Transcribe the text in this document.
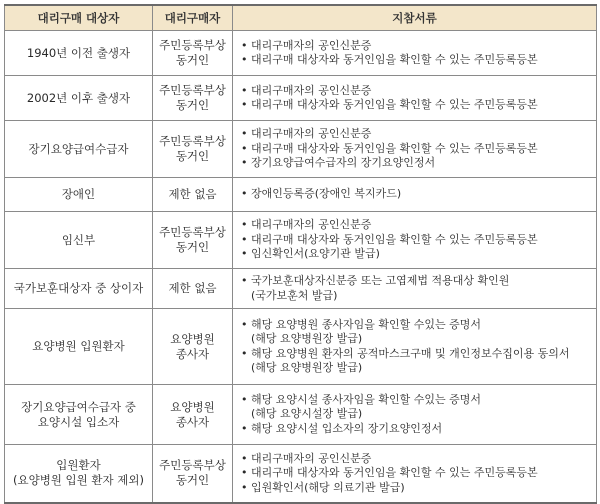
대리구매 대상자	대리구매자	지참서류

1940년 이전 출생자	주민등록부상
동거인	• 대리구매자의 공인신분증
• 대리구매 대상자와 동거인임을 확인할 수 있는 주민등록등본

2002년 이후 출생자	주민등록부상
동거인	• 대리구매자의 공인신분증
• 대리구매 대상자와 동거인임을 확인할 수 있는 주민등록등본

장기요양급여수급자	주민등록부상
동거인	• 대리구매자의 공인신분증
• 대리구매 대상자와 동거인임을 확인할 수 있는 주민등록등본
• 장기요양급여수급자의 장기요양인정서

장애인	제한 없음	• 장애인등록증(장애인 복지카드)

임신부	주민등록부상
동거인	• 대리구매자의 공인신분증
• 대리구매 대상자와 동거인임을 확인할 수 있는 주민등록등본
• 임신확인서(요양기관 발급)

국가보훈대상자 중 상이자	제한 없음	• 국가보훈대상자신분증 또는 고엽제법 적용대상 확인원
(국가보훈처 발급)

요양병원 입원환자	요양병원
종사자	• 해당 요양병원 종사자임을 확인할 수있는 증명서
(해당 요양병원장 발급)
• 해당 요양병원 환자의 공적마스크구매 및 개인정보수집이용 동의서
(해당 요양병원장 발급)

장기요양급여수급자 중
요양시설 입소자	요양병원
종사자	• 해당 요양시설 종사자임을 확인할 수있는 증명서
(해당 요양시설장 발급)
• 해당 요양시설 입소자의 장기요양인정서

입원환자
(요양병원 입원 환자 제외)	주민등록부상
동거인	• 대리구매자의 공인신분증
• 대리구매 대상자와 동거인임을 확인할 수 있는 주민등록등본
• 입원확인서(해당 의료기관 발급)
